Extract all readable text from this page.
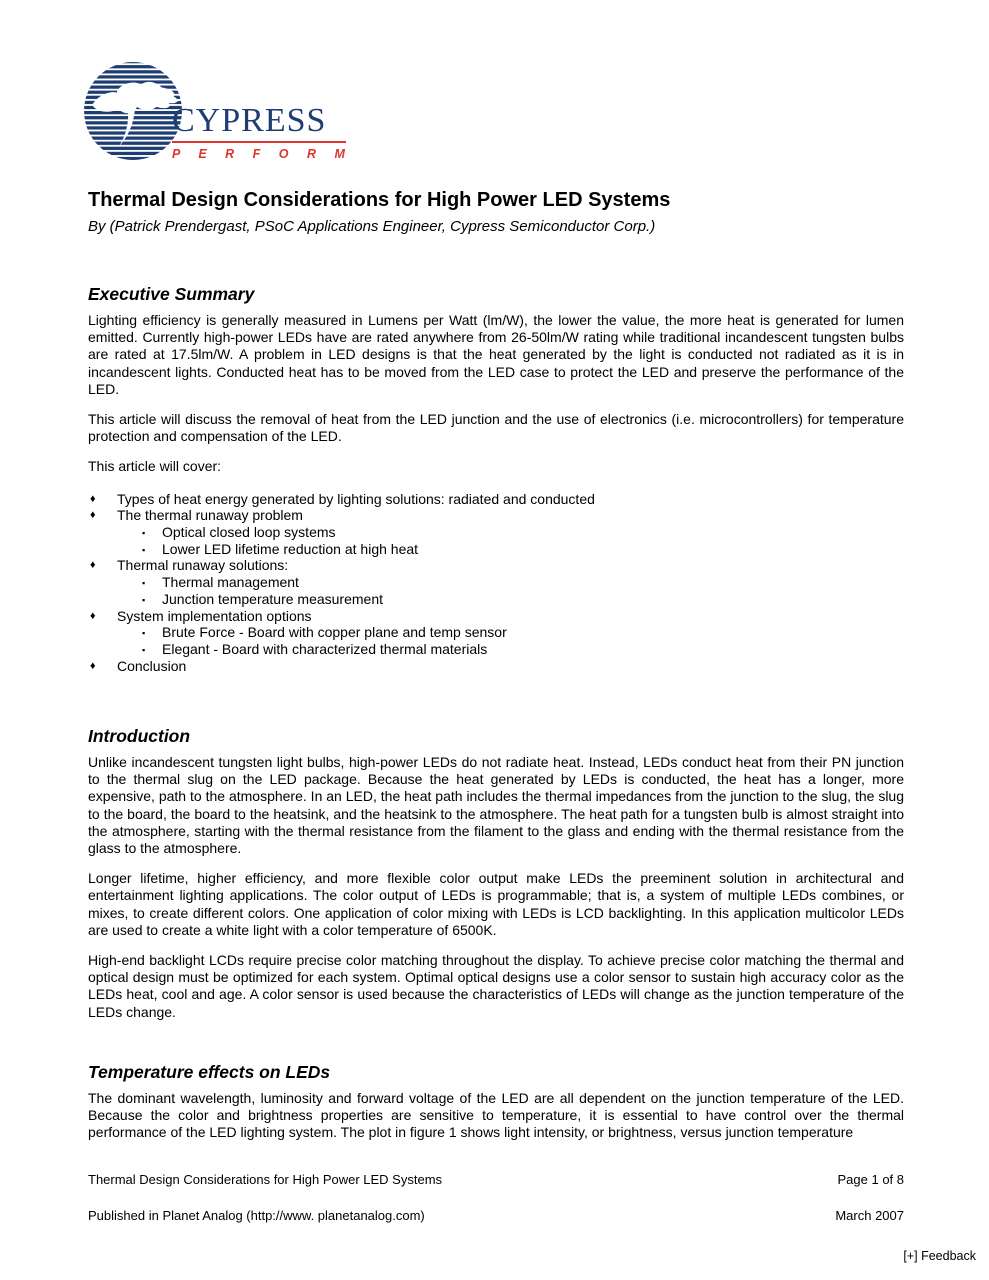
CYPRESS
P E R F O R M
Thermal Design Considerations for High Power LED Systems
By (Patrick Prendergast, PSoC Applications Engineer, Cypress Semiconductor Corp.)
Executive Summary

Lighting efficiency is generally measured in Lumens per Watt (lm/W), the lower the value, the more heat is generated for lumen emitted. Currently high-power LEDs have are rated anywhere from 26-50lm/W rating while traditional incandescent tungsten bulbs are rated at 17.5lm/W. A problem in LED designs is that the heat generated by the light is conducted not radiated as it is in incandescent lights. Conducted heat has to be moved from the LED case to protect the LED and preserve the performance of the LED.

This article will discuss the removal of heat from the LED junction and the use of electronics (i.e. microcontrollers) for temperature protection and compensation of the LED.

This article will cover:

♦ Types of heat energy generated by lighting solutions: radiated and conducted
♦ The thermal runaway problem
▪ Optical closed loop systems
▪ Lower LED lifetime reduction at high heat
♦ Thermal runaway solutions:
▪ Thermal management
▪ Junction temperature measurement
♦ System implementation options
▪ Brute Force - Board with copper plane and temp sensor
▪ Elegant - Board with characterized thermal materials
♦ Conclusion
Introduction

Unlike incandescent tungsten light bulbs, high-power LEDs do not radiate heat. Instead, LEDs conduct heat from their PN junction to the thermal slug on the LED package. Because the heat generated by LEDs is conducted, the heat has a longer, more expensive, path to the atmosphere. In an LED, the heat path includes the thermal impedances from the junction to the slug, the slug to the board, the board to the heatsink, and the heatsink to the atmosphere. The heat path for a tungsten bulb is almost straight into the atmosphere, starting with the thermal resistance from the filament to the glass and ending with the thermal resistance from the glass to the atmosphere.

Longer lifetime, higher efficiency, and more flexible color output make LEDs the preeminent solution in architectural and entertainment lighting applications. The color output of LEDs is programmable; that is, a system of multiple LEDs combines, or mixes, to create different colors. One application of color mixing with LEDs is LCD backlighting. In this application multicolor LEDs are used to create a white light with a color temperature of 6500K.

High-end backlight LCDs require precise color matching throughout the display. To achieve precise color matching the thermal and optical design must be optimized for each system. Optimal optical designs use a color sensor to sustain high accuracy color as the LEDs heat, cool and age. A color sensor is used because the characteristics of LEDs will change as the junction temperature of the LEDs change.

Temperature effects on LEDs

The dominant wavelength, luminosity and forward voltage of the LED are all dependent on the junction temperature of the LED. Because the color and brightness properties are sensitive to temperature, it is essential to have control over the thermal performance of the LED lighting system. The plot in figure 1 shows light intensity, or brightness, versus junction temperature

Thermal Design Considerations for High Power LED Systems	Page 1 of 8
Published in Planet Analog (http://www. planetanalog.com)	March 2007
[+] Feedback
